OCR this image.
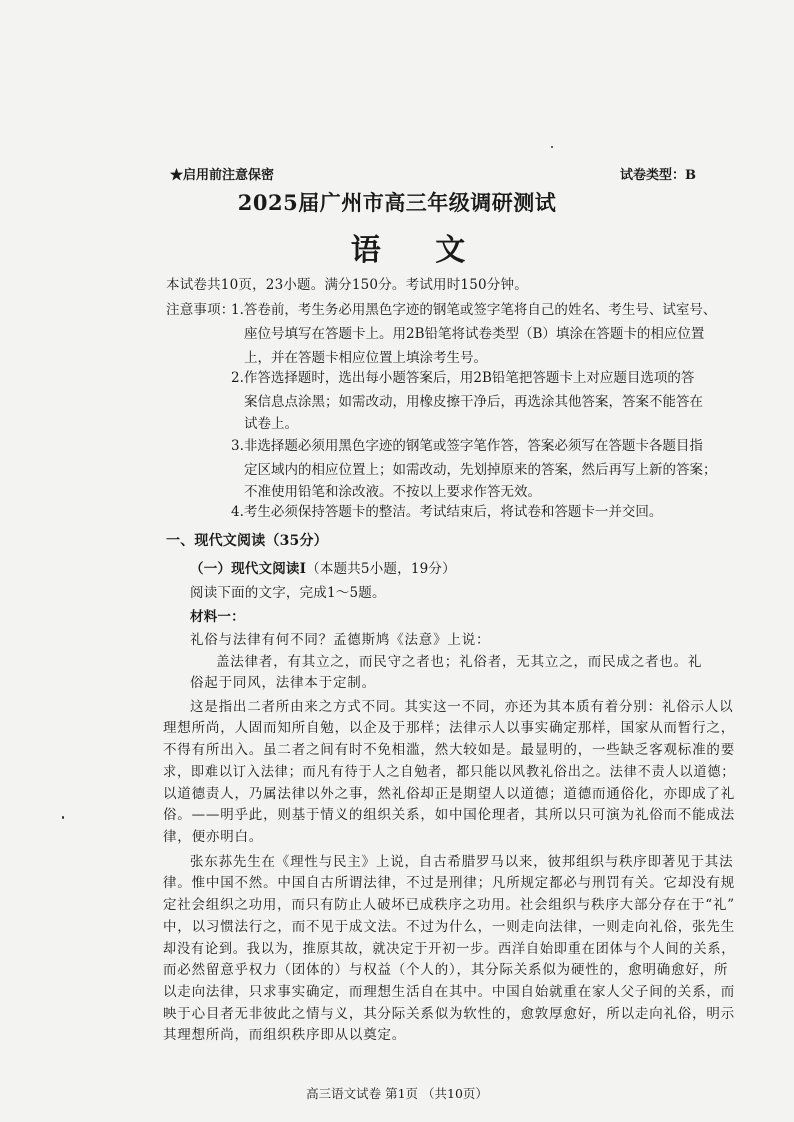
★启用前注意保密	试卷类型：B
2025届广州市高三年级调研测试
语 文
本试卷共10页，23小题。满分150分。考试用时150分钟。
注意事项：
1.答卷前，考生务必用黑色字迹的钢笔或签字笔将自己的姓名、考生号、试室号、
座位号填写在答题卡上。用2B铅笔将试卷类型（B）填涂在答题卡的相应位置
上，并在答题卡相应位置上填涂考生号。
2.作答选择题时，选出每小题答案后，用2B铅笔把答题卡上对应题目选项的答
案信息点涂黑；如需改动，用橡皮擦干净后，再选涂其他答案，答案不能答在
试卷上。
3.非选择题必须用黑色字迹的钢笔或签字笔作答，答案必须写在答题卡各题目指
定区域内的相应位置上；如需改动，先划掉原来的答案，然后再写上新的答案；
不准使用铅笔和涂改液。不按以上要求作答无效。
4.考生必须保持答题卡的整洁。考试结束后，将试卷和答题卡一并交回。
一、现代文阅读（35分）
（一）现代文阅读Ⅰ（本题共5小题，19分）
阅读下面的文字，完成1～5题。
材料一：
礼俗与法律有何不同？孟德斯鸠《法意》上说：
盖法律者，有其立之，而民守之者也；礼俗者，无其立之，而民成之者也。礼
俗起于同风，法律本于定制。
这是指出二者所由来之方式不同。其实这一不同，亦还为其本质有着分别：礼俗示人以
理想所尚，人固而知所自勉，以企及于那样；法律示人以事实确定那样，国家从而暂行之，
不得有所出入。虽二者之间有时不免相滥，然大较如是。最显明的，一些缺乏客观标准的要
求，即难以订入法律；而凡有待于人之自勉者，都只能以风教礼俗出之。法律不责人以道德；
以道德责人，乃属法律以外之事，然礼俗却正是期望人以道德；道德而通俗化，亦即成了礼
俗。——明乎此，则基于情义的组织关系，如中国伦理者，其所以只可演为礼俗而不能成法
律，便亦明白。
张东荪先生在《理性与民主》上说，自古希腊罗马以来，彼邦组织与秩序即著见于其法
律。惟中国不然。中国自古所谓法律，不过是刑律；凡所规定都必与刑罚有关。它却没有规
定社会组织之功用，而只有防止人破坏已成秩序之功用。社会组织与秩序大部分存在于“礼”
中，以习惯法行之，而不见于成文法。不过为什么，一则走向法律，一则走向礼俗，张先生
却没有论到。我以为，推原其故，就决定于开初一步。西洋自始即重在团体与个人间的关系，
而必然留意乎权力（团体的）与权益（个人的），其分际关系似为硬性的，愈明确愈好，所
以走向法律，只求事实确定，而理想生活自在其中。中国自始就重在家人父子间的关系，而
映于心目者无非彼此之情与义，其分际关系似为软性的，愈敦厚愈好，所以走向礼俗，明示
其理想所尚，而组织秩序即从以奠定。
高三语文试卷 第1页 （共10页）
